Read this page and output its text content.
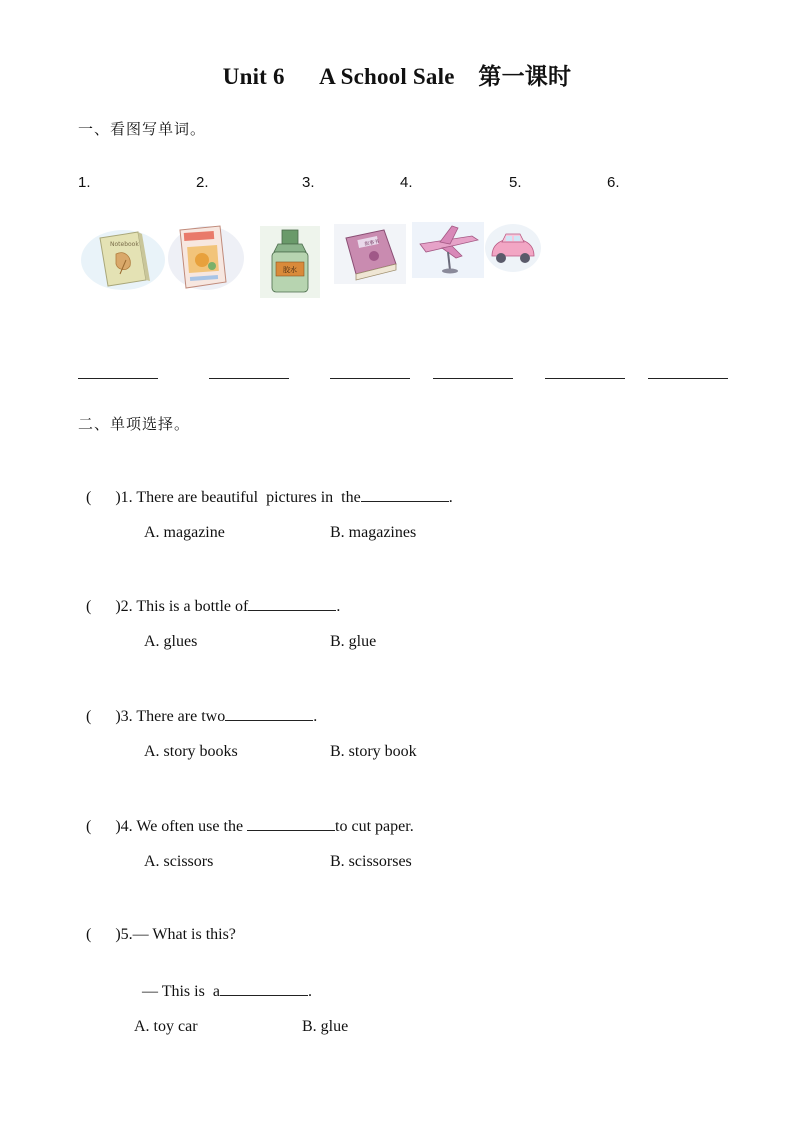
Unit 6      A School Sale    第一课时
一、看图写单词。
1.	2.	3.	4.	5.	6.
Notebook
胶水
故事书
二、单项选择。

(      )1. There are beautiful  pictures in  the	.

A. magazine	B. magazines

(      )2. This is a bottle of	.

A. glues	B. glue

(      )3. There are two	.

A. story books	B. story book

(      )4. We often use the	to cut paper.

A. scissors	B. scissorses

(      )5.— What is this?

— This is  a	.

A. toy car	B. glue
